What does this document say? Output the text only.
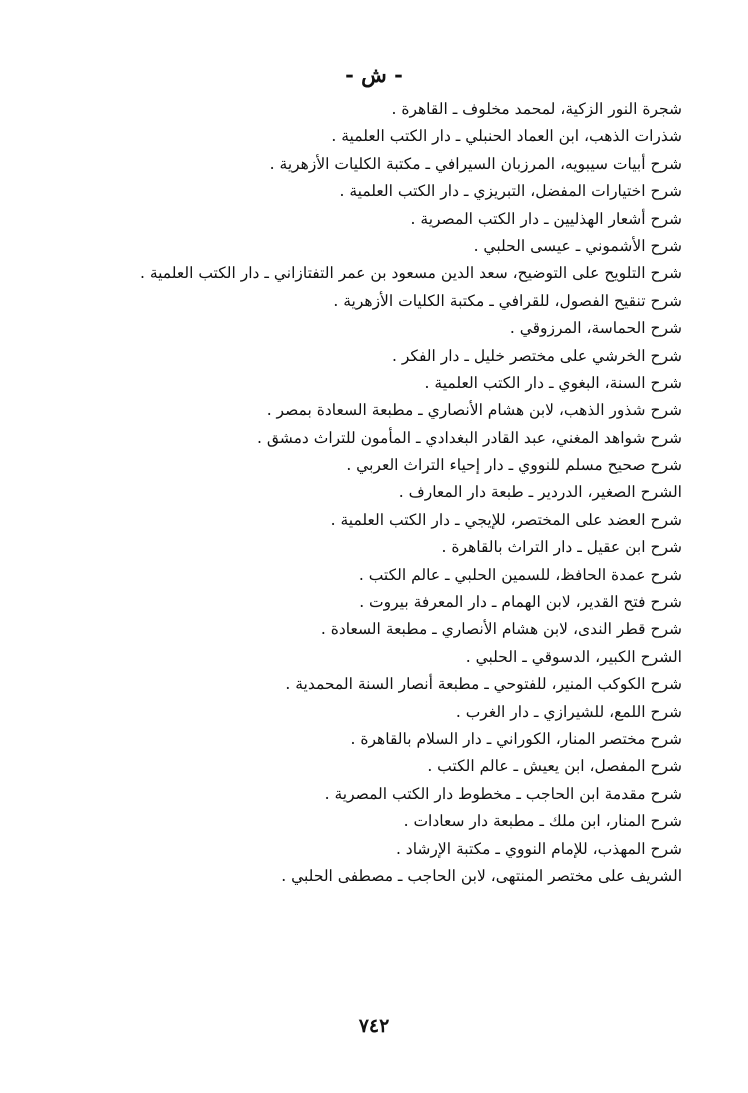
- ش -
شجرة النور الزكية، لمحمد مخلوف ـ القاهرة .
شذرات الذهب، ابن العماد الحنبلي ـ دار الكتب العلمية .
شرح أبيات سيبويه، المرزبان السيرافي ـ مكتبة الكليات الأزهرية .
شرح اختيارات المفضل، التبريزي ـ دار الكتب العلمية .
شرح أشعار الهذليين ـ دار الكتب المصرية .
شرح الأشموني ـ عيسى الحلبي .
شرح التلويح على التوضيح، سعد الدين مسعود بن عمر التفتازاني ـ دار الكتب العلمية .
شرح تنقيح الفصول، للقرافي ـ مكتبة الكليات الأزهرية .
شرح الحماسة، المرزوقي .
شرح الخرشي على مختصر خليل ـ دار الفكر .
شرح السنة، البغوي ـ دار الكتب العلمية .
شرح شذور الذهب، لابن هشام الأنصاري ـ مطبعة السعادة بمصر .
شرح شواهد المغني، عبد القادر البغدادي ـ المأمون للتراث دمشق .
شرح صحيح مسلم للنووي ـ دار إحياء التراث العربي .
الشرح الصغير، الدردير ـ طبعة دار المعارف .
شرح العضد على المختصر، للإيجي ـ دار الكتب العلمية .
شرح ابن عقيل ـ دار التراث بالقاهرة .
شرح عمدة الحافظ، للسمين الحلبي ـ عالم الكتب .
شرح فتح القدير، لابن الهمام ـ دار المعرفة بيروت .
شرح قطر الندى، لابن هشام الأنصاري ـ مطبعة السعادة .
الشرح الكبير، الدسوقي ـ الحلبي .
شرح الكوكب المنير، للفتوحي ـ مطبعة أنصار السنة المحمدية .
شرح اللمع، للشيرازي ـ دار الغرب .
شرح مختصر المنار، الكوراني ـ دار السلام بالقاهرة .
شرح المفصل، ابن يعيش ـ عالم الكتب .
شرح مقدمة ابن الحاجب ـ مخطوط دار الكتب المصرية .
شرح المنار، ابن ملك ـ مطبعة دار سعادات .
شرح المهذب، للإمام النووي ـ مكتبة الإرشاد .
الشريف على مختصر المنتهى، لابن الحاجب ـ مصطفى الحلبي .
٧٤٢
